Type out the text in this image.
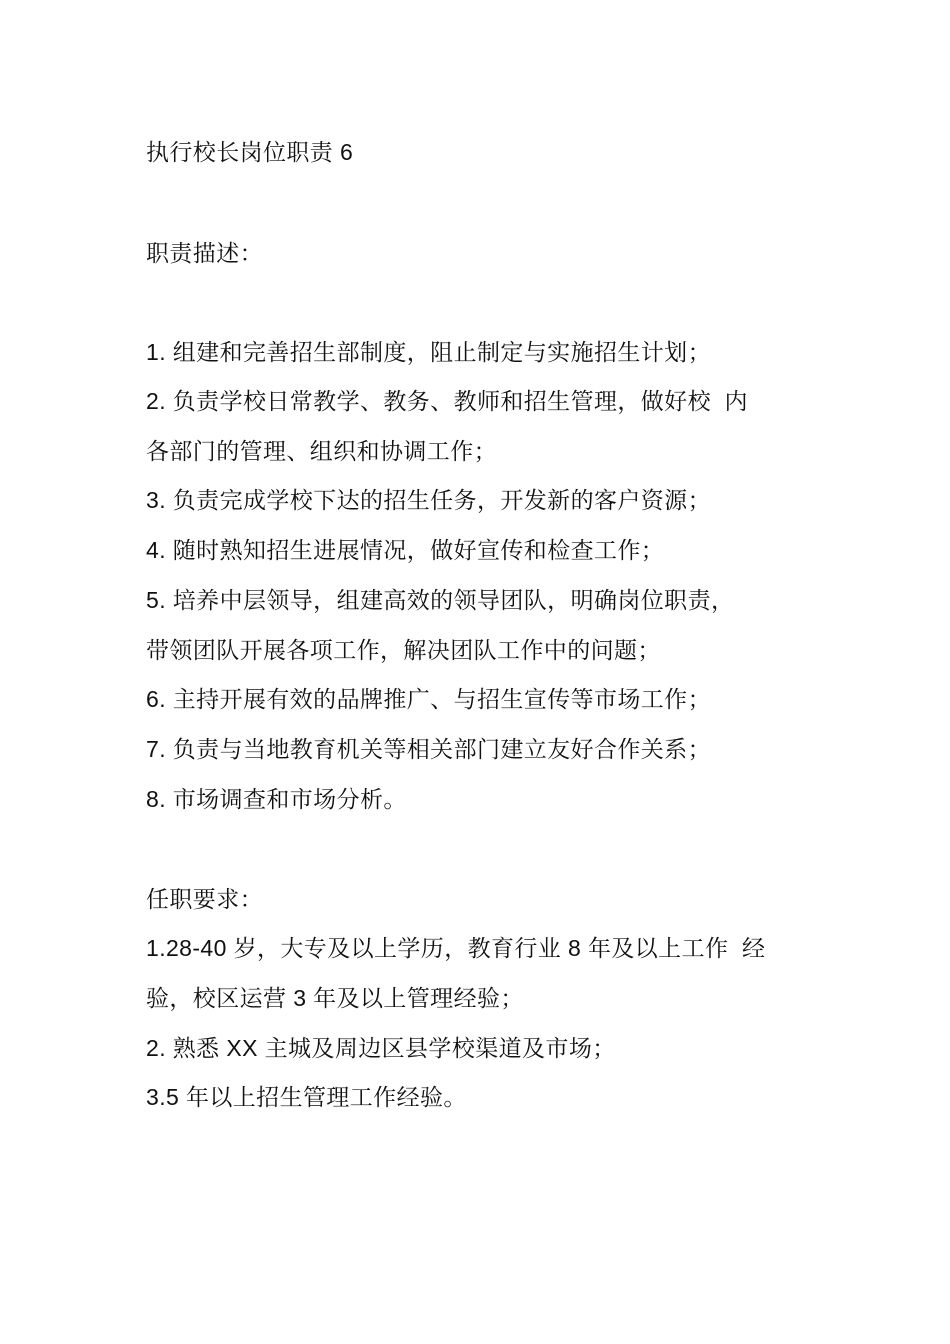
执行校长岗位职责 6
职责描述：
1. 组建和完善招生部制度，阻止制定与实施招生计划；
2. 负责学校日常教学、教务、教师和招生管理，做好校  内
各部门的管理、组织和协调工作；
3. 负责完成学校下达的招生任务，开发新的客户资源；
4. 随时熟知招生进展情况，做好宣传和检查工作；
5. 培养中层领导，组建高效的领导团队，明确岗位职责，
带领团队开展各项工作，解决团队工作中的问题；
6. 主持开展有效的品牌推广、与招生宣传等市场工作；
7. 负责与当地教育机关等相关部门建立友好合作关系；
8. 市场调查和市场分析。
任职要求：
1.28-40 岁，大专及以上学历，教育行业 8 年及以上工作  经
验，校区运营 3 年及以上管理经验；
2. 熟悉 XX 主城及周边区县学校渠道及市场；
3.5 年以上招生管理工作经验。
